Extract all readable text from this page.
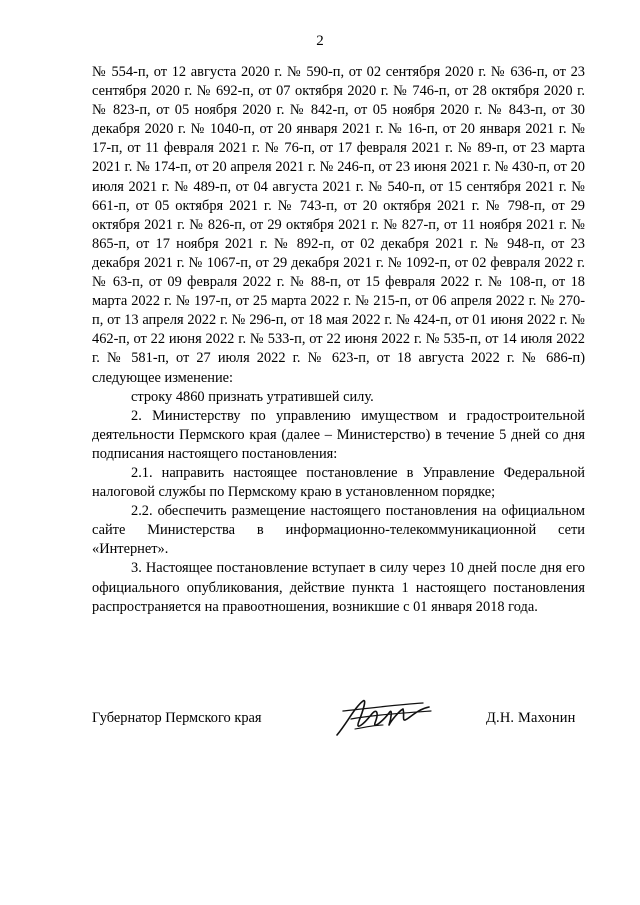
2

№ 554-п, от 12 августа 2020 г. № 590-п, от 02 сентября 2020 г. № 636-п, от 23 сентября 2020 г. № 692-п, от 07 октября 2020 г. № 746-п, от 28 октября 2020 г. № 823-п, от 05 ноября 2020 г. № 842-п, от 05 ноября 2020 г. № 843-п, от 30 декабря 2020 г. № 1040-п, от 20 января 2021 г. № 16-п, от 20 января 2021 г. № 17-п, от 11 февраля 2021 г. № 76-п, от 17 февраля 2021 г. № 89-п, от 23 марта 2021 г. № 174-п, от 20 апреля 2021 г. № 246-п, от 23 июня 2021 г. № 430-п, от 20 июля 2021 г. № 489-п, от 04 августа 2021 г. № 540-п, от 15 сентября 2021 г. № 661-п, от 05 октября 2021 г. № 743-п, от 20 октября 2021 г. № 798-п, от 29 октября 2021 г. № 826-п, от 29 октября 2021 г. № 827-п, от 11 ноября 2021 г. № 865-п, от 17 ноября 2021 г. № 892-п, от 02 декабря 2021 г. № 948-п, от 23 декабря 2021 г. № 1067-п, от 29 декабря 2021 г. № 1092-п, от 02 февраля 2022 г. № 63-п, от 09 февраля 2022 г. № 88-п, от 15 февраля 2022 г. № 108-п, от 18 марта 2022 г. № 197-п, от 25 марта 2022 г. № 215-п, от 06 апреля 2022 г. № 270-п, от 13 апреля 2022 г. № 296-п, от 18 мая 2022 г. № 424-п, от 01 июня 2022 г. № 462-п, от 22 июня 2022 г. № 533-п, от 22 июня 2022 г. № 535-п, от 14 июля 2022 г. № 581-п, от 27 июля 2022 г. № 623-п, от 18 августа 2022 г. № 686-п) следующее изменение:

строку 4860 признать утратившей силу.

2. Министерству по управлению имуществом и градостроительной деятельности Пермского края (далее – Министерство) в течение 5 дней со дня подписания настоящего постановления:

2.1. направить настоящее постановление в Управление Федеральной налоговой службы по Пермскому краю в установленном порядке;

2.2. обеспечить размещение настоящего постановления на официальном сайте Министерства в информационно-телекоммуникационной сети «Интернет».

3. Настоящее постановление вступает в силу через 10 дней после дня его официального опубликования, действие пункта 1 настоящего постановления распространяется на правоотношения, возникшие с 01 января 2018 года.

Губернатор Пермского края	Д.Н. Махонин
